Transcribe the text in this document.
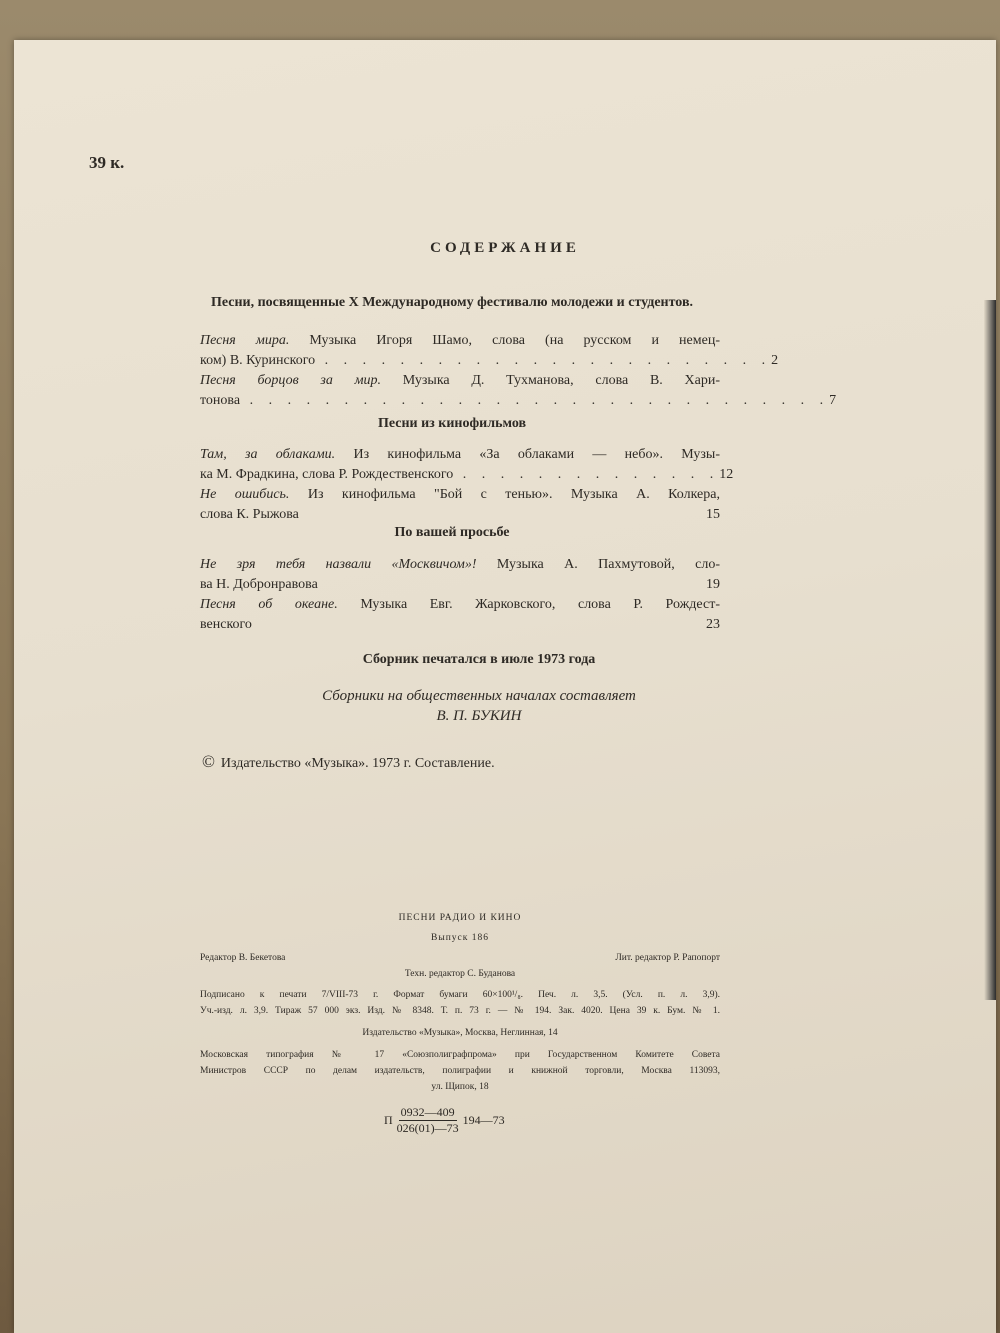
39 к.
СОДЕРЖАНИЕ
Песни, посвященные X Международному фестивалю молодежи и студентов.
Песня мира. Музыка Игоря Шамо, слова (на русском и немец-
ком) В. Куринского . . . . . . . . . . . . . . . . . . . . . . . . 2
Песня борцов за мир. Музыка Д. Тухманова, слова В. Хари-
тонова . . . . . . . . . . . . . . . . . . . . . . . . . . . . . . . 7
Песни из кинофильмов
Там, за облаками. Из кинофильма «За облаками — небо». Музы-
ка М. Фрадкина, слова Р. Рождественского . . . . . . . . . . . . . . 12
Не ошибись. Из кинофильма "Бой с тенью». Музыка А. Колкера,
слова К. Рыжова	15
По вашей просьбе
Не зря тебя назвали «Москвичом»! Музыка А. Пахмутовой, сло-
ва Н. Добронравова	19
Песня об океане. Музыка Евг. Жарковского, слова Р. Рождест-
венского	23
Сборник печатался в июле 1973 года
Сборники на общественных началах составляет
В. П. БУКИН
© Издательство «Музыка». 1973 г. Составление.
ПЕСНИ РАДИО И КИНО
Выпуск 186
Редактор В. Бекетова	Лит. редактор Р. Рапопорт
Техн. редактор С. Буданова
Подписано к печати 7/VIII-73 г. Формат бумаги 60×100¹/₈. Печ. л. 3,5. (Усл. п. л. 3,9).
Уч.-изд. л. 3,9. Тираж 57 000 экз. Изд. № 8348. Т. п. 73 г. — № 194. Зак. 4020. Цена 39 к. Бум. № 1.
Издательство «Музыка», Москва, Неглинная, 14
Московская типография № 17 «Союзполиграфпрома» при Государственном Комитете Совета
Министров СССР по делам издательств, полиграфии и книжной торговли, Москва 113093,
ул. Щипок, 18
П $\frac{0932—409}{026(01)—73}$ 194—73
